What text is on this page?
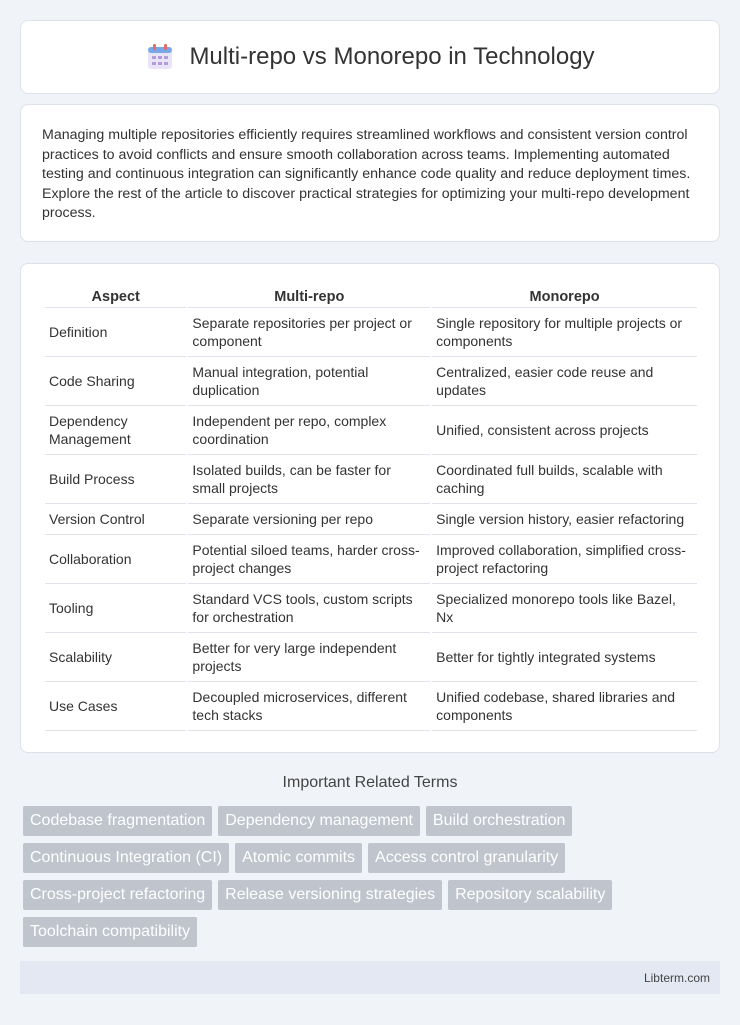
Multi-repo vs Monorepo in Technology

Managing multiple repositories efficiently requires streamlined workflows and consistent version control practices to avoid conflicts and ensure smooth collaboration across teams. Implementing automated testing and continuous integration can significantly enhance code quality and reduce deployment times. Explore the rest of the article to discover practical strategies for optimizing your multi-repo development process.

Aspect	Multi-repo	Monorepo
Definition	Separate repositories per project or component	Single repository for multiple projects or components
Code Sharing	Manual integration, potential duplication	Centralized, easier code reuse and updates
Dependency Management	Independent per repo, complex coordination	Unified, consistent across projects
Build Process	Isolated builds, can be faster for small projects	Coordinated full builds, scalable with caching
Version Control	Separate versioning per repo	Single version history, easier refactoring
Collaboration	Potential siloed teams, harder cross-project changes	Improved collaboration, simplified cross-project refactoring
Tooling	Standard VCS tools, custom scripts for orchestration	Specialized monorepo tools like Bazel, Nx
Scalability	Better for very large independent projects	Better for tightly integrated systems
Use Cases	Decoupled microservices, different tech stacks	Unified codebase, shared libraries and components
Important Related Terms
Codebase fragmentation	Dependency management	Build orchestration
Continuous Integration (CI)	Atomic commits	Access control granularity
Cross-project refactoring	Release versioning strategies	Repository scalability
Toolchain compatibility
Libterm.com
